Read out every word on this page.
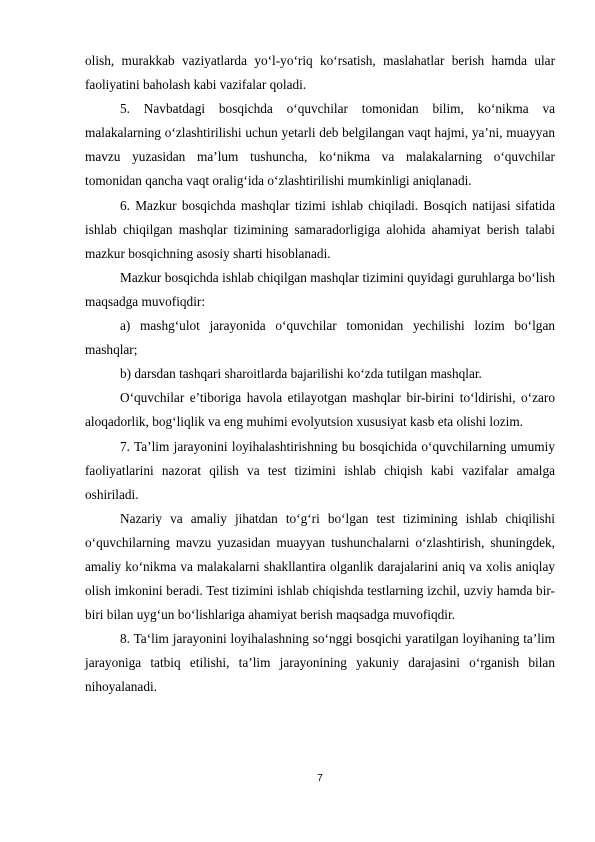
olish, murakkab vaziyatlarda yo‘l-yo‘riq ko‘rsatish, maslahatlar berish hamda ular faoliyatini baholash kabi vazifalar qoladi.

5. Navbatdagi bosqichda o‘quvchilar tomonidan bilim, ko‘nikma va malakalarning o‘zlashtirilishi uchun yetarli deb belgilangan vaqt hajmi, ya’ni, muayyan mavzu yuzasidan ma’lum tushuncha, ko‘nikma va malakalarning o‘quvchilar tomonidan qancha vaqt oralig‘ida o‘zlashtirilishi mumkinligi aniqlanadi.

6. Mazkur bosqichda mashqlar tizimi ishlab chiqiladi. Bosqich natijasi sifatida ishlab chiqilgan mashqlar tizimining samaradorligiga alohida ahamiyat berish talabi mazkur bosqichning asosiy sharti hisoblanadi.

Mazkur bosqichda ishlab chiqilgan mashqlar tizimini quyidagi guruhlarga bo‘lish maqsadga muvofiqdir:

a) mashg‘ulot jarayonida o‘quvchilar tomonidan yechilishi lozim bo‘lgan mashqlar;

b) darsdan tashqari sharoitlarda bajarilishi ko‘zda tutilgan mashqlar.

O‘quvchilar e’tiboriga havola etilayotgan mashqlar bir-birini to‘ldirishi, o‘zaro aloqadorlik, bog‘liqlik va eng muhimi evolyutsion xususiyat kasb eta olishi lozim.

7. Ta’lim jarayonini loyihalashtirishning bu bosqichida o‘quvchilarning umumiy faoliyatlarini nazorat qilish va test tizimini ishlab chiqish kabi vazifalar amalga oshiriladi.

Nazariy va amaliy jihatdan to‘g‘ri bo‘lgan test tizimining ishlab chiqilishi o‘quvchilarning mavzu yuzasidan muayyan tushunchalarni o‘zlashtirish, shuningdek, amaliy ko‘nikma va malakalarni shakllantira olganlik darajalarini aniq va xolis aniqlay olish imkonini beradi. Test tizimini ishlab chiqishda testlarning izchil, uzviy hamda bir-biri bilan uyg‘un bo‘lishlariga ahamiyat berish maqsadga muvofiqdir.

8. Ta‘lim jarayonini loyihalashning so‘nggi bosqichi yaratilgan loyihaning ta’lim jarayoniga tatbiq etilishi, ta’lim jarayonining yakuniy darajasini o‘rganish bilan nihoyalanadi.

7
